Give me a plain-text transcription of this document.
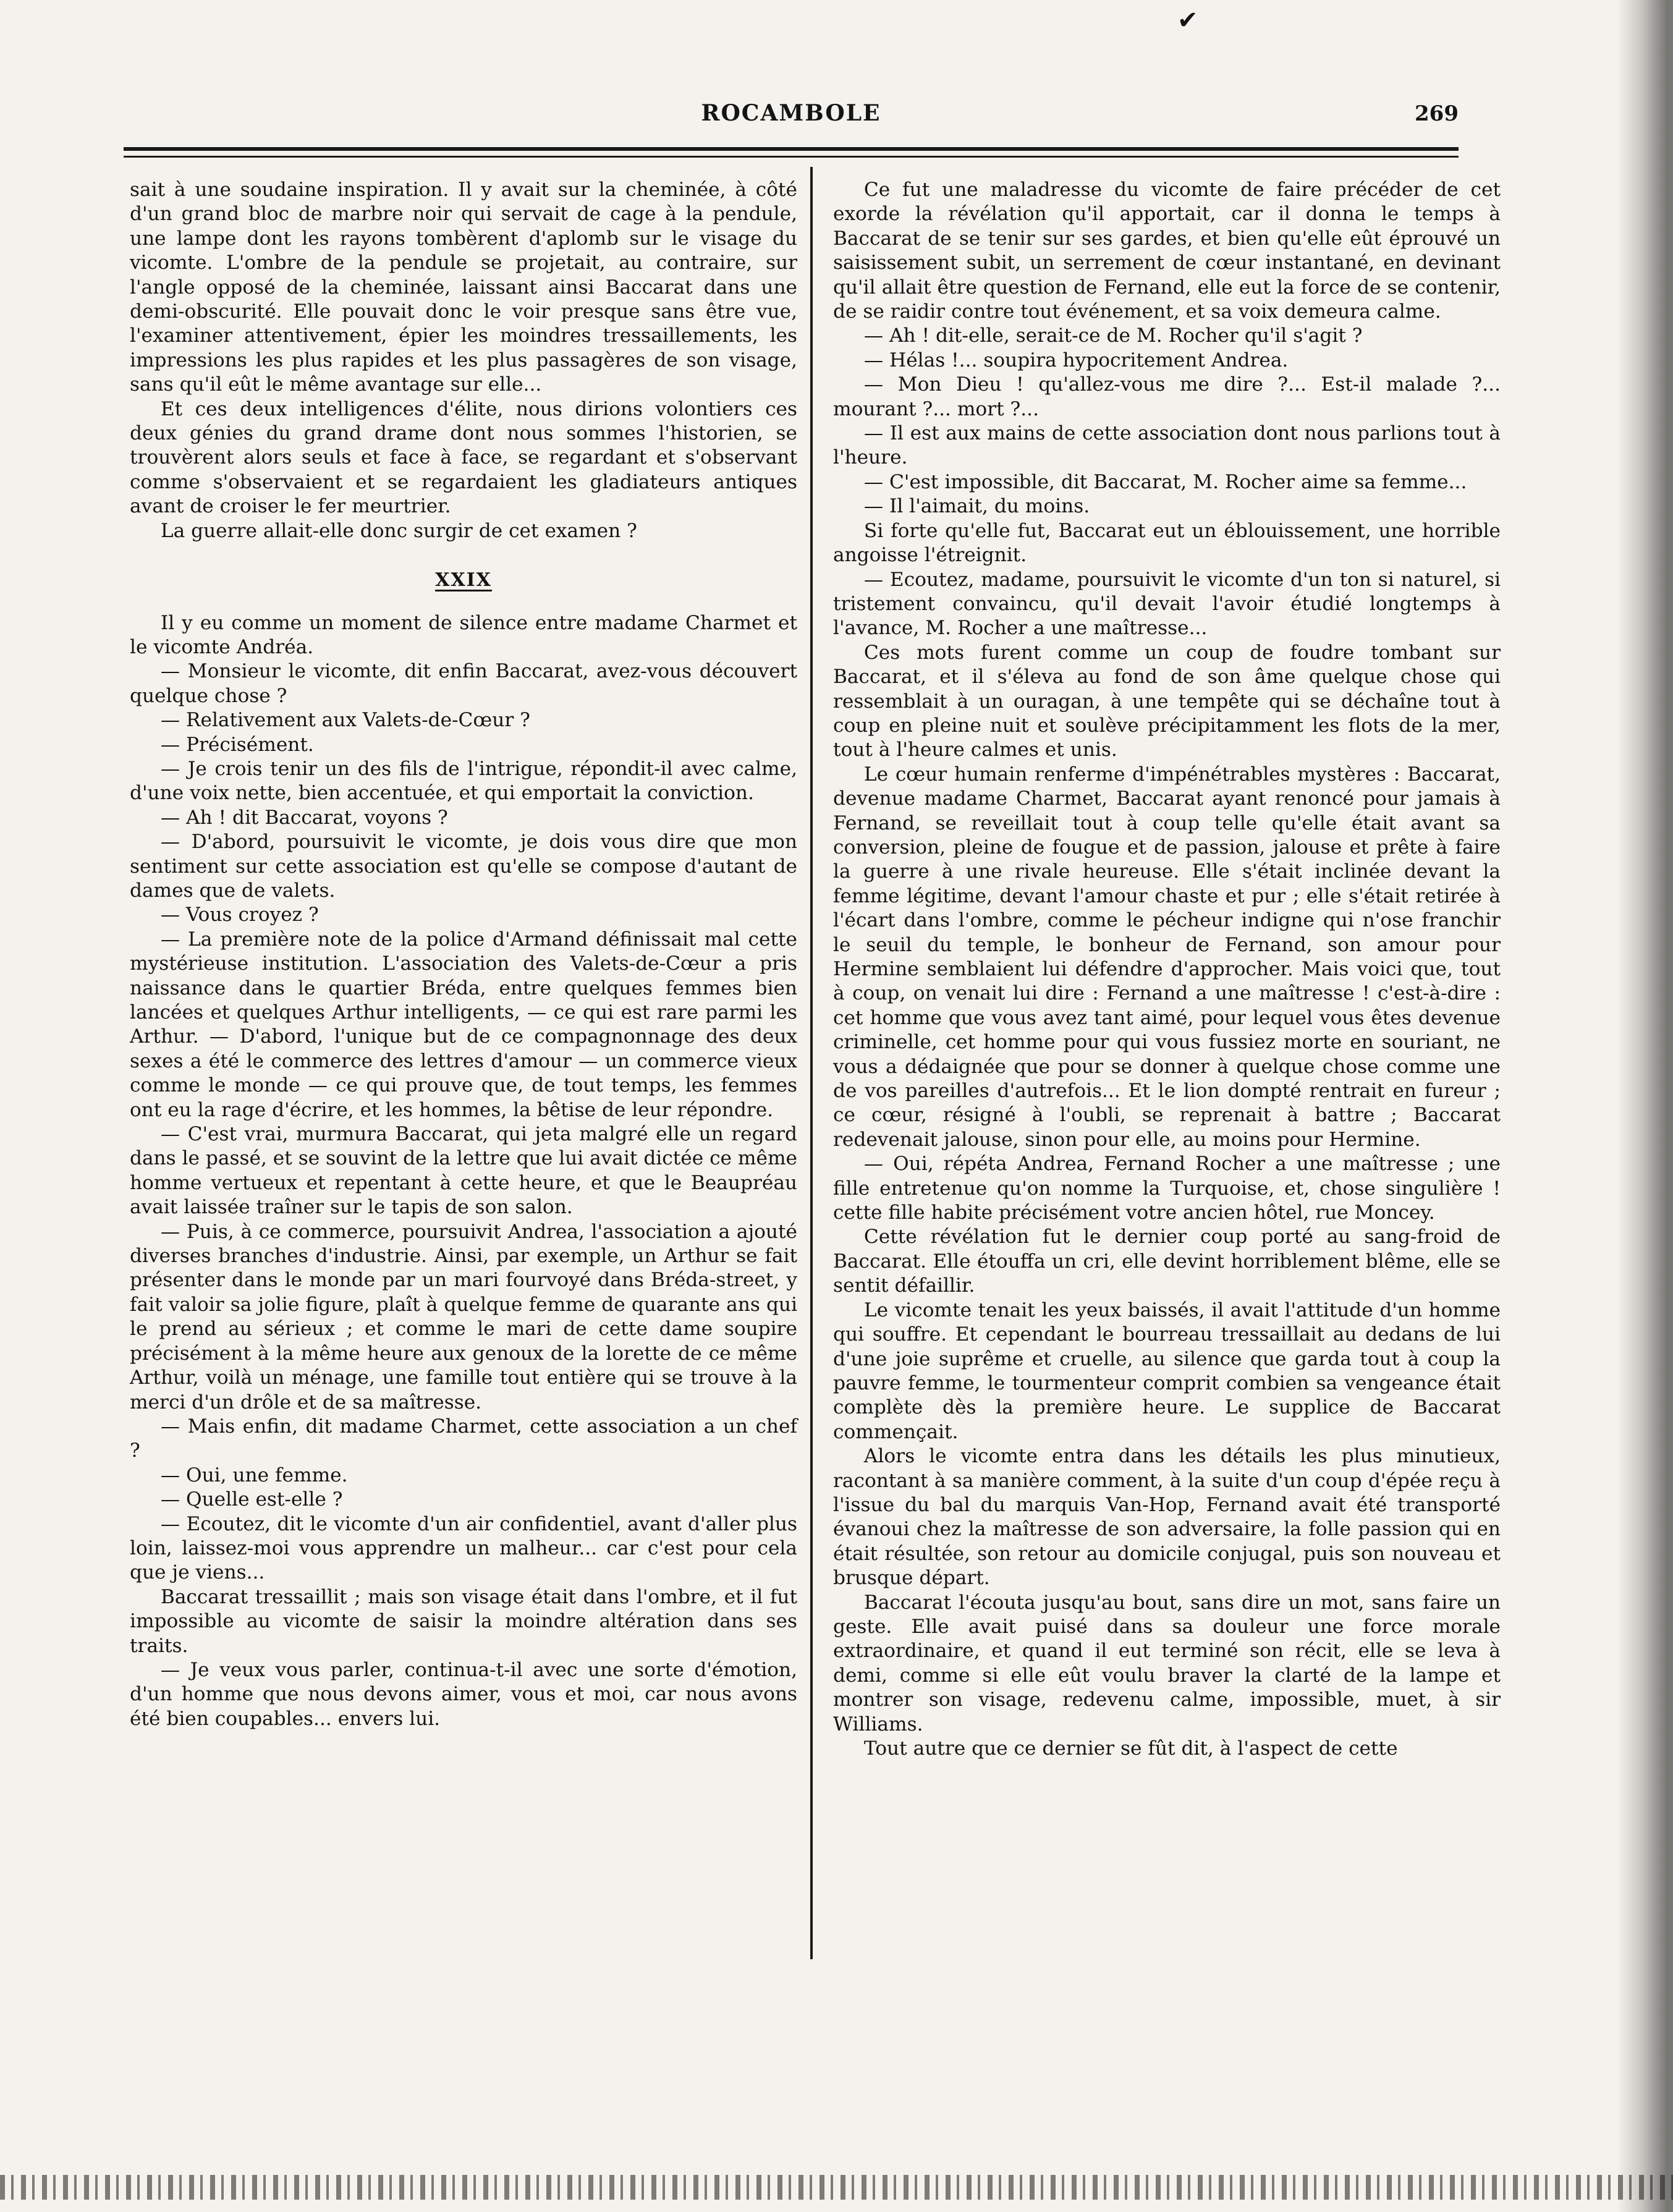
✔
ROCAMBOLE	269

sait à une soudaine inspiration. Il y avait sur la cheminée, à côté d'un grand bloc de marbre noir qui servait de cage à la pendule, une lampe dont les rayons tombèrent d'aplomb sur le visage du vicomte. L'ombre de la pendule se projetait, au contraire, sur l'angle opposé de la cheminée, laissant ainsi Baccarat dans une demi-obscurité. Elle pouvait donc le voir presque sans être vue, l'examiner attentivement, épier les moindres tressaillements, les impressions les plus rapides et les plus passagères de son visage, sans qu'il eût le même avantage sur elle...

Et ces deux intelligences d'élite, nous dirions volontiers ces deux génies du grand drame dont nous sommes l'historien, se trouvèrent alors seuls et face à face, se regardant et s'observant comme s'observaient et se regardaient les gladiateurs antiques avant de croiser le fer meurtrier.

La guerre allait-elle donc surgir de cet examen ?

XXIX

Il y eu comme un moment de silence entre madame Charmet et le vicomte Andréa.

— Monsieur le vicomte, dit enfin Baccarat, avez-vous découvert quelque chose ?

— Relativement aux Valets-de-Cœur ?

— Précisément.

— Je crois tenir un des fils de l'intrigue, répondit-il avec calme, d'une voix nette, bien accentuée, et qui emportait la conviction.

— Ah ! dit Baccarat, voyons ?

— D'abord, poursuivit le vicomte, je dois vous dire que mon sentiment sur cette association est qu'elle se compose d'autant de dames que de valets.

— Vous croyez ?

— La première note de la police d'Armand définissait mal cette mystérieuse institution. L'association des Valets-de-Cœur a pris naissance dans le quartier Bréda, entre quelques femmes bien lancées et quelques Arthur intelligents, — ce qui est rare parmi les Arthur. — D'abord, l'unique but de ce compagnonnage des deux sexes a été le commerce des lettres d'amour — un commerce vieux comme le monde — ce qui prouve que, de tout temps, les femmes ont eu la rage d'écrire, et les hommes, la bêtise de leur répondre.

— C'est vrai, murmura Baccarat, qui jeta malgré elle un regard dans le passé, et se souvint de la lettre que lui avait dictée ce même homme vertueux et repentant à cette heure, et que le Beaupréau avait laissée traîner sur le tapis de son salon.

— Puis, à ce commerce, poursuivit Andrea, l'association a ajouté diverses branches d'industrie. Ainsi, par exemple, un Arthur se fait présenter dans le monde par un mari fourvoyé dans Bréda-street, y fait valoir sa jolie figure, plaît à quelque femme de quarante ans qui le prend au sérieux ; et comme le mari de cette dame soupire précisément à la même heure aux genoux de la lorette de ce même Arthur, voilà un ménage, une famille tout entière qui se trouve à la merci d'un drôle et de sa maîtresse.

— Mais enfin, dit madame Charmet, cette association a un chef ?

— Oui, une femme.

— Quelle est-elle ?

— Ecoutez, dit le vicomte d'un air confidentiel, avant d'aller plus loin, laissez-moi vous apprendre un malheur... car c'est pour cela que je viens...

Baccarat tressaillit ; mais son visage était dans l'ombre, et il fut impossible au vicomte de saisir la moindre altération dans ses traits.

— Je veux vous parler, continua-t-il avec une sorte d'émotion, d'un homme que nous devons aimer, vous et moi, car nous avons été bien coupables... envers lui.

Ce fut une maladresse du vicomte de faire précéder de cet exorde la révélation qu'il apportait, car il donna le temps à Baccarat de se tenir sur ses gardes, et bien qu'elle eût éprouvé un saisissement subit, un serrement de cœur instantané, en devinant qu'il allait être question de Fernand, elle eut la force de se contenir, de se raidir contre tout événement, et sa voix demeura calme.

— Ah ! dit-elle, serait-ce de M. Rocher qu'il s'agit ?

— Hélas !... soupira hypocritement Andrea.

— Mon Dieu ! qu'allez-vous me dire ?... Est-il malade ?... mourant ?... mort ?...

— Il est aux mains de cette association dont nous parlions tout à l'heure.

— C'est impossible, dit Baccarat, M. Rocher aime sa femme...

— Il l'aimait, du moins.

Si forte qu'elle fut, Baccarat eut un éblouissement, une horrible angoisse l'étreignit.

— Ecoutez, madame, poursuivit le vicomte d'un ton si naturel, si tristement convaincu, qu'il devait l'avoir étudié longtemps à l'avance, M. Rocher a une maîtresse...

Ces mots furent comme un coup de foudre tombant sur Baccarat, et il s'éleva au fond de son âme quelque chose qui ressemblait à un ouragan, à une tempête qui se déchaîne tout à coup en pleine nuit et soulève précipitamment les flots de la mer, tout à l'heure calmes et unis.

Le cœur humain renferme d'impénétrables mystères : Baccarat, devenue madame Charmet, Baccarat ayant renoncé pour jamais à Fernand, se reveillait tout à coup telle qu'elle était avant sa conversion, pleine de fougue et de passion, jalouse et prête à faire la guerre à une rivale heureuse. Elle s'était inclinée devant la femme légitime, devant l'amour chaste et pur ; elle s'était retirée à l'écart dans l'ombre, comme le pécheur indigne qui n'ose franchir le seuil du temple, le bonheur de Fernand, son amour pour Hermine semblaient lui défendre d'approcher. Mais voici que, tout à coup, on venait lui dire : Fernand a une maîtresse ! c'est-à-dire : cet homme que vous avez tant aimé, pour lequel vous êtes devenue criminelle, cet homme pour qui vous fussiez morte en souriant, ne vous a dédaignée que pour se donner à quelque chose comme une de vos pareilles d'autrefois... Et le lion dompté rentrait en fureur ; ce cœur, résigné à l'oubli, se reprenait à battre ; Baccarat redevenait jalouse, sinon pour elle, au moins pour Hermine.

— Oui, répéta Andrea, Fernand Rocher a une maîtresse ; une fille entretenue qu'on nomme la Turquoise, et, chose singulière ! cette fille habite précisément votre ancien hôtel, rue Moncey.

Cette révélation fut le dernier coup porté au sang-froid de Baccarat. Elle étouffa un cri, elle devint horriblement blême, elle se sentit défaillir.

Le vicomte tenait les yeux baissés, il avait l'attitude d'un homme qui souffre. Et cependant le bourreau tressaillait au dedans de lui d'une joie suprême et cruelle, au silence que garda tout à coup la pauvre femme, le tourmenteur comprit combien sa vengeance était complète dès la première heure. Le supplice de Baccarat commençait.

Alors le vicomte entra dans les détails les plus minutieux, racontant à sa manière comment, à la suite d'un coup d'épée reçu à l'issue du bal du marquis Van-Hop, Fernand avait été transporté évanoui chez la maîtresse de son adversaire, la folle passion qui en était résultée, son retour au domicile conjugal, puis son nouveau et brusque départ.

Baccarat l'écouta jusqu'au bout, sans dire un mot, sans faire un geste. Elle avait puisé dans sa douleur une force morale extraordinaire, et quand il eut terminé son récit, elle se leva à demi, comme si elle eût voulu braver la clarté de la lampe et montrer son visage, redevenu calme, impossible, muet, à sir Williams.

Tout autre que ce dernier se fût dit, à l'aspect de cette
